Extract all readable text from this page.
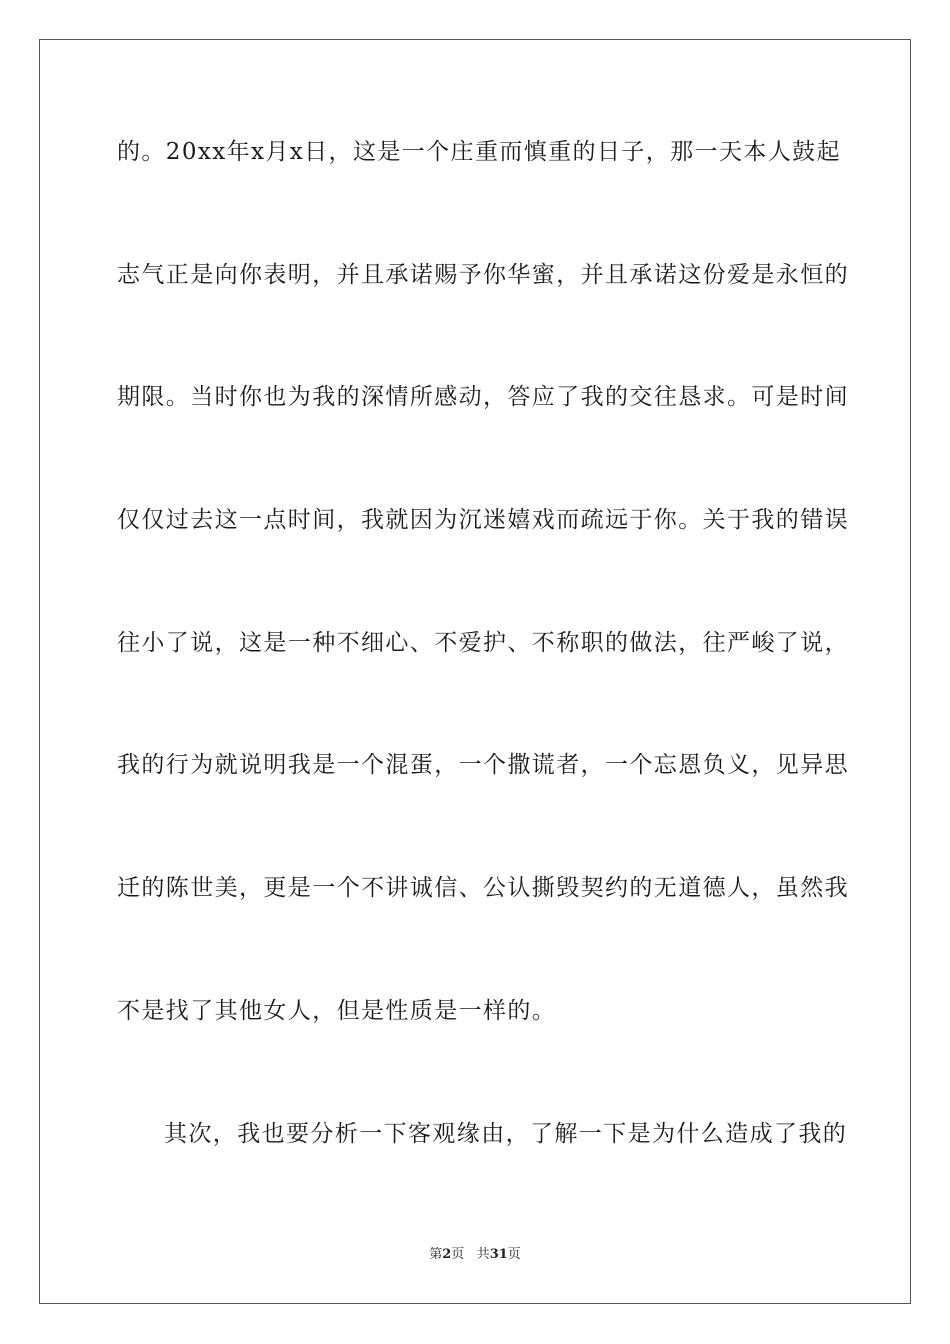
的。20xx年x月x日，这是一个庄重而慎重的日子，那一天本人鼓起
志气正是向你表明，并且承诺赐予你华蜜，并且承诺这份爱是永恒的
期限。当时你也为我的深情所感动，答应了我的交往恳求。可是时间
仅仅过去这一点时间，我就因为沉迷嬉戏而疏远于你。关于我的错误
往小了说，这是一种不细心、不爱护、不称职的做法，往严峻了说，
我的行为就说明我是一个混蛋，一个撒谎者，一个忘恩负义，见异思
迁的陈世美，更是一个不讲诚信、公认撕毁契约的无道德人，虽然我
不是找了其他女人，但是性质是一样的。
其次，我也要分析一下客观缘由，了解一下是为什么造成了我的
第2页 共31页
